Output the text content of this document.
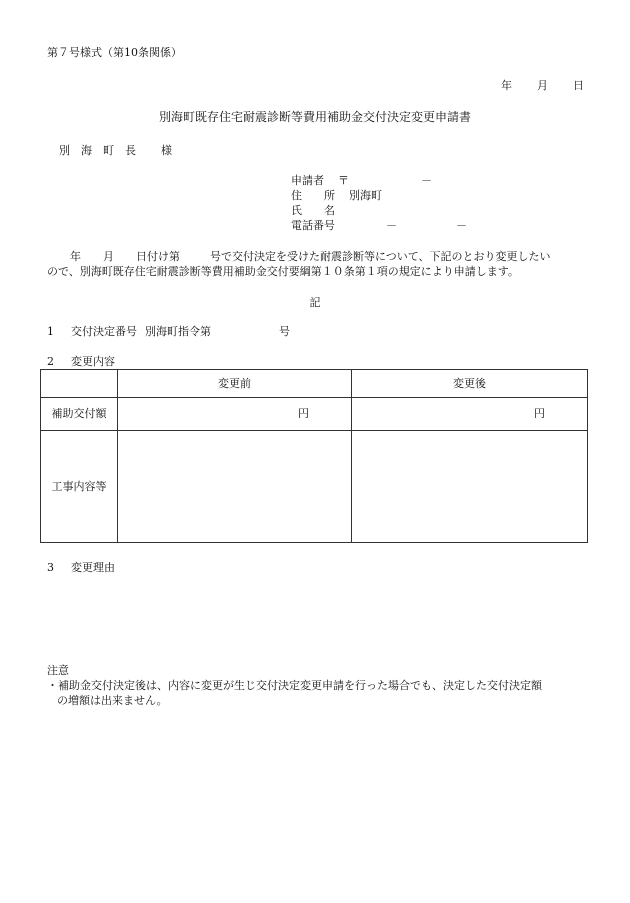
第７号様式（第10条関係）
年 月 日
別海町既存住宅耐震診断等費用補助金交付決定変更申請書
別 海 町 長 様
申請者 〒	－
住　　所 別海町
氏　　名
電話番号	－	－

年 月 日付け第	号で交付決定を受けた耐震診断等について、下記のとおり変更したい

ので、別海町既存住宅耐震診断等費用補助金交付要綱第１０条第１項の規定により申請します。

記
1 交付決定番号 別海町指令第	号
2 変更内容
	変更前	変更後
補助交付額	円	円
工事内容等		
3 変更理由
注意
・補助金交付決定後は、内容に変更が生じ交付決定変更申請を行った場合でも、決定した交付決定額
の増額は出来ません。
